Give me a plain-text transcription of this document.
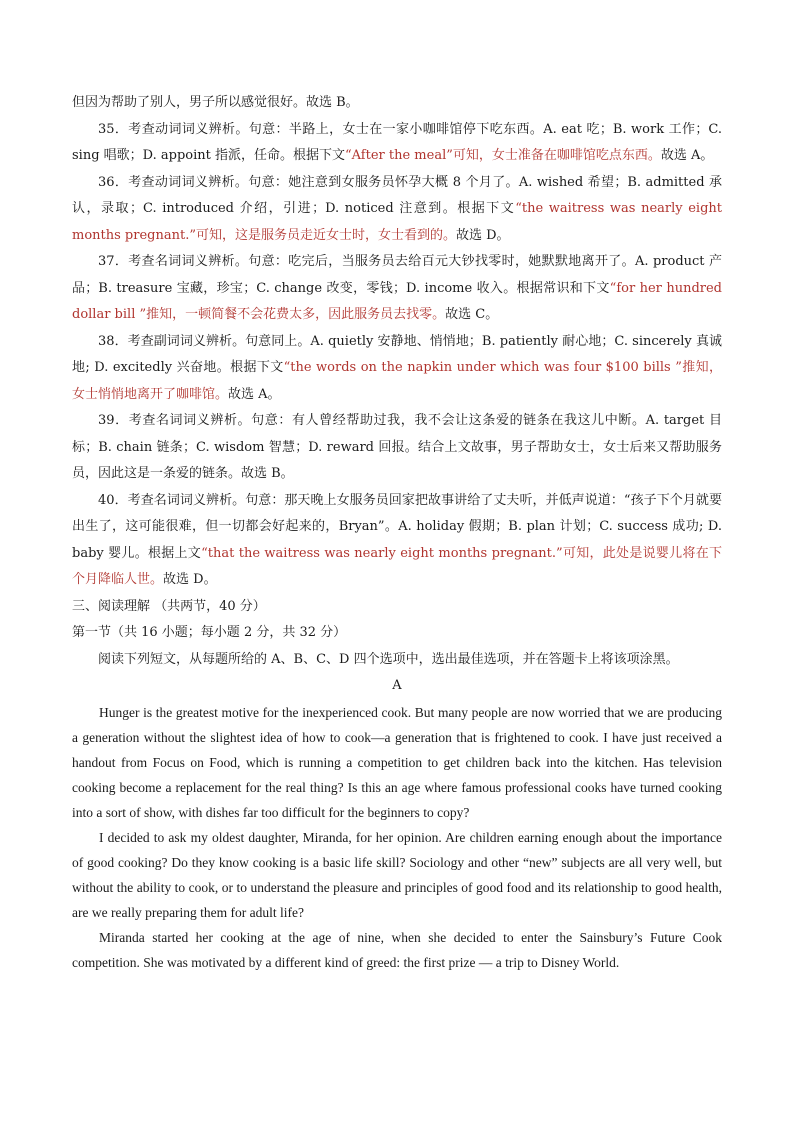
但因为帮助了别人，男子所以感觉很好。故选 B。

35．考查动词词义辨析。句意：半路上，女士在一家小咖啡馆停下吃东西。A. eat 吃；B. work 工作；C. sing 唱歌；D. appoint 指派，任命。根据下文“After the meal”可知，女士准备在咖啡馆吃点东西。故选 A。

36．考查动词词义辨析。句意：她注意到女服务员怀孕大概 8 个月了。A. wished 希望；B. admitted 承认，录取；C. introduced 介绍，引进；D. noticed 注意到。根据下文“the waitress was nearly eight months pregnant.”可知，这是服务员走近女士时，女士看到的。故选 D。

37．考查名词词义辨析。句意：吃完后，当服务员去给百元大钞找零时，她默默地离开了。A. product 产品；B. treasure 宝藏，珍宝；C. change 改变，零钱；D. income 收入。根据常识和下文“for her hundred dollar bill ”推知，一顿简餐不会花费太多，因此服务员去找零。故选 C。

38．考查副词词义辨析。句意同上。A. quietly 安静地、悄悄地；B. patiently 耐心地；C. sincerely 真诚地; D. excitedly 兴奋地。根据下文“the words on the napkin under which was four $100 bills ”推知，女士悄悄地离开了咖啡馆。故选 A。

39．考查名词词义辨析。句意：有人曾经帮助过我，我不会让这条爱的链条在我这儿中断。A. target 目标；B. chain 链条；C. wisdom 智慧；D. reward 回报。结合上文故事，男子帮助女士，女士后来又帮助服务员，因此这是一条爱的链条。故选 B。

40．考查名词词义辨析。句意：那天晚上女服务员回家把故事讲给了丈夫听，并低声说道：“孩子下个月就要出生了，这可能很难，但一切都会好起来的，Bryan”。A. holiday 假期；B. plan 计划；C. success 成功; D. baby 婴儿。根据上文“that the waitress was nearly eight months pregnant.”可知，此处是说婴儿将在下个月降临人世。故选 D。

三、阅读理解 （共两节，40 分）

第一节（共 16 小题；每小题 2 分，共 32 分）

阅读下列短文，从每题所给的 A、B、C、D 四个选项中，选出最佳选项，并在答题卡上将该项涂黑。

A

Hunger is the greatest motive for the inexperienced cook. But many people are now worried that we are producing a generation without the slightest idea of how to cook—a generation that is frightened to cook. I have just received a handout from Focus on Food, which is running a competition to get children back into the kitchen. Has television cooking become a replacement for the real thing? Is this an age where famous professional cooks have turned cooking into a sort of show, with dishes far too difficult for the beginners to copy?

I decided to ask my oldest daughter, Miranda, for her opinion. Are children earning enough about the importance of good cooking? Do they know cooking is a basic life skill? Sociology and other “new” subjects are all very well, but without the ability to cook, or to understand the pleasure and principles of good food and its relationship to good health, are we really preparing them for adult life?

Miranda started her cooking at the age of nine, when she decided to enter the Sainsbury’s Future Cook competition. She was motivated by a different kind of greed: the first prize — a trip to Disney World.
